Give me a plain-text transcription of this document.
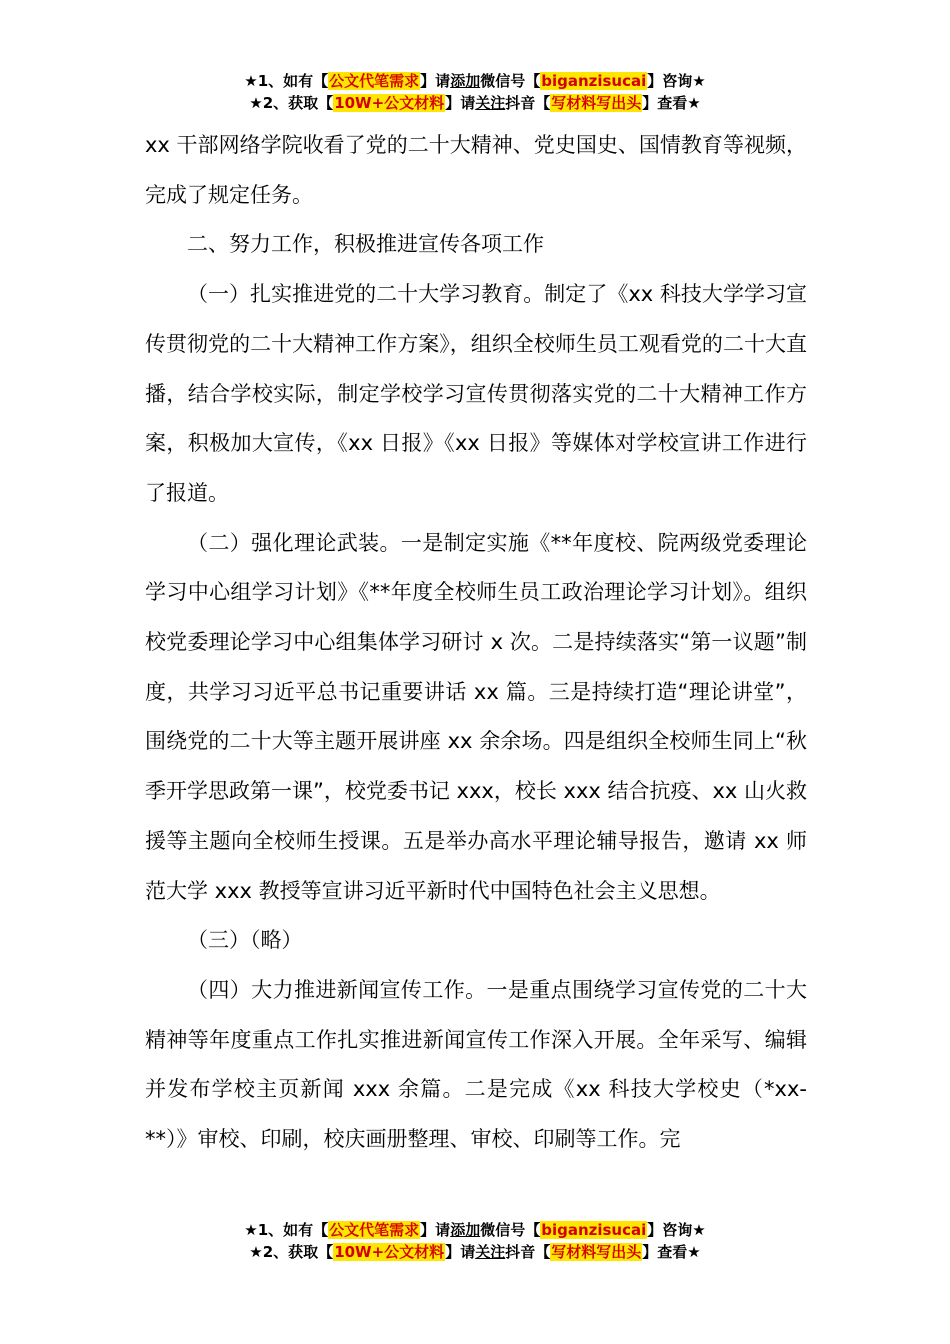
★1、如有【公文代笔需求】请添加微信号【biganzisucai】咨询★
★2、获取【10W+公文材料】请关注抖音【写材料写出头】查看★

xx 干部网络学院收看了党的二十大精神、党史国史、国情教育等视频，完成了规定任务。

二、努力工作，积极推进宣传各项工作

（一）扎实推进党的二十大学习教育。制定了《xx 科技大学学习宣传贯彻党的二十大精神工作方案》，组织全校师生员工观看党的二十大直播，结合学校实际，制定学校学习宣传贯彻落实党的二十大精神工作方案，积极加大宣传，《xx 日报》《xx 日报》等媒体对学校宣讲工作进行了报道。

（二）强化理论武装。一是制定实施《**年度校、院两级党委理论学习中心组学习计划》《**年度全校师生员工政治理论学习计划》。组织校党委理论学习中心组集体学习研讨 x 次。二是持续落实“第一议题”制度，共学习习近平总书记重要讲话 xx 篇。三是持续打造“理论讲堂”，围绕党的二十大等主题开展讲座 xx 余余场。四是组织全校师生同上“秋季开学思政第一课”，校党委书记 xxx，校长 xxx 结合抗疫、xx 山火救援等主题向全校师生授课。五是举办高水平理论辅导报告，邀请 xx 师范大学 xxx 教授等宣讲习近平新时代中国特色社会主义思想。

（三）（略）

（四）大力推进新闻宣传工作。一是重点围绕学习宣传党的二十大精神等年度重点工作扎实推进新闻宣传工作深入开展。全年采写、编辑并发布学校主页新闻 xxx 余篇。二是完成《xx 科技大学校史（*xx-**）》审校、印刷，校庆画册整理、审校、印刷等工作。完

★1、如有【公文代笔需求】请添加微信号【biganzisucai】咨询★
★2、获取【10W+公文材料】请关注抖音【写材料写出头】查看★
